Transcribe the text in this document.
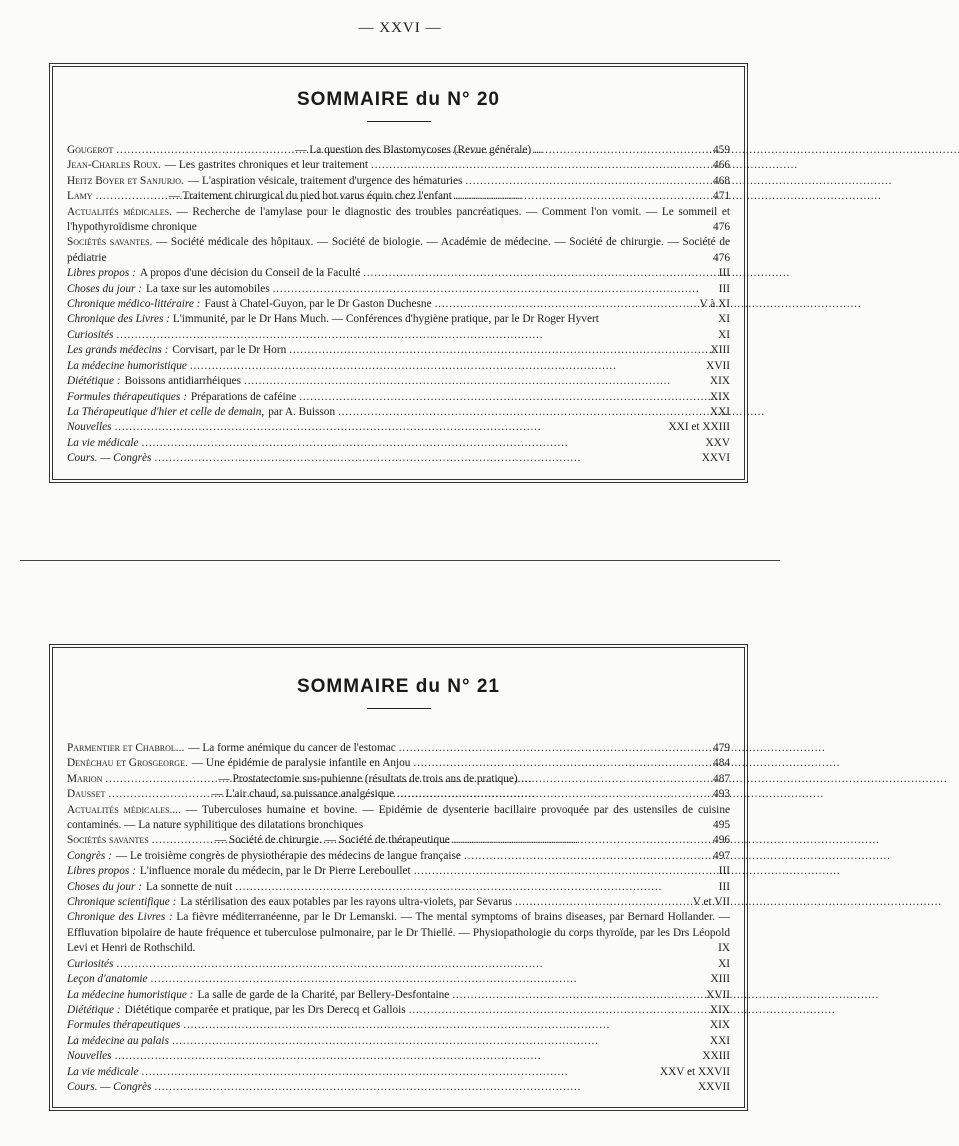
— XXVI —
SOMMAIRE du N° 20
Gougerot . . .	— La question des Blastomycoses (Revue générale) . . .	459
Jean-Charles Roux. — Les gastrites chroniques et leur traitement . . .	466
Heitz Boyer et Sanjurjo. — L'aspiration vésicale, traitement d'urgence des hématuries . . .	468
Lamy . . .	— Traitement chirurgical du pied bot varus équin chez l'enfant . . .	471
Actualités médicales. — Recherche de l'amylase pour le diagnostic des troubles pancréatiques. — Comment l'on vomit. — Le sommeil et l'hypothyroïdisme chronique	476
Sociétés savantes. — Société médicale des hôpitaux. — Société de biologie. — Académie de médecine. — Société de chirurgie. — Société de pédiatrie	476
Libres propos : A propos d'une décision du Conseil de la Faculté . . .	III
Choses du jour : La taxe sur les automobiles . . .	III
Chronique médico-littéraire : Faust à Chatel-Guyon, par le Dr Gaston Duchesne . . .	V à XI
Chronique des Livres : L'immunité, par le Dr Hans Much. — Conférences d'hygiène pratique, par le Dr Roger Hyvert	XI
Curiosités . . .	XI
Les grands médecins : Corvisart, par le Dr Horn . . .	XIII
La médecine humoristique . . .	XVII
Diététique : Boissons antidiarrhéiques . . .	XIX
Formules thérapeutiques : Préparations de caféine . . .	XIX
La Thérapeutique d'hier et celle de demain, par A. Buisson . . .	XXI
Nouvelles . . .	XXI et XXIII
La vie médicale . . .	XXV
Cours. — Congrès . . .	XXVI
SOMMAIRE du N° 21
Parmentier et Chabrol... — La forme anémique du cancer de l'estomac . . .	479
Denéchau et Grosgeorge. — Une épidémie de paralysie infantile en Anjou . . .	484
Marion . . .	— Prostatectomie sus-pubienne (résultats de trois ans de pratique) . . .	487
Dausset . . .	— L'air chaud, sa puissance analgésique . . .	493
Actualités médicales.... — Tuberculoses humaine et bovine. — Epidémie de dysenterie bacillaire provoquée par des ustensiles de cuisine contaminés. — La nature syphilitique des dilatations bronchiques	495
Sociétés savantes . . .	— Société de chirurgie. — Société de thérapeutique . . .	496
Congrès : — Le troisième congrès de physiothérapie des médecins de langue française . . .	497
Libres propos : L'influence morale du médecin, par le Dr Pierre Lereboullet . . .	III
Choses du jour : La sonnette de nuit . . .	III
Chronique scientifique : La stérilisation des eaux potables par les rayons ultra-violets, par Sevarus . . .	V et VII
Chronique des Livres : La fièvre méditerranéenne, par le Dr Lemanski. — The mental symptoms of brains diseases, par Bernard Hollander. — Effluvation bipolaire de haute fréquence et tuberculose pulmonaire, par le Dr Thiellé. — Physiopathologie du corps thyroïde, par les Drs Léopold Levi et Henri de Rothschild.	IX
Curiosités . . .	XI
Leçon d'anatomie . . .	XIII
La médecine humoristique : La salle de garde de la Charité, par Bellery-Desfontaine . . .	XVII
Diététique : Diététique comparée et pratique, par les Drs Derecq et Gallois . . .	XIX
Formules thérapeutiques . . .	XIX
La médecine au palais . . .	XXI
Nouvelles . . .	XXIII
La vie médicale . . .	XXV et XXVII
Cours. — Congrès . . .	XXVII
